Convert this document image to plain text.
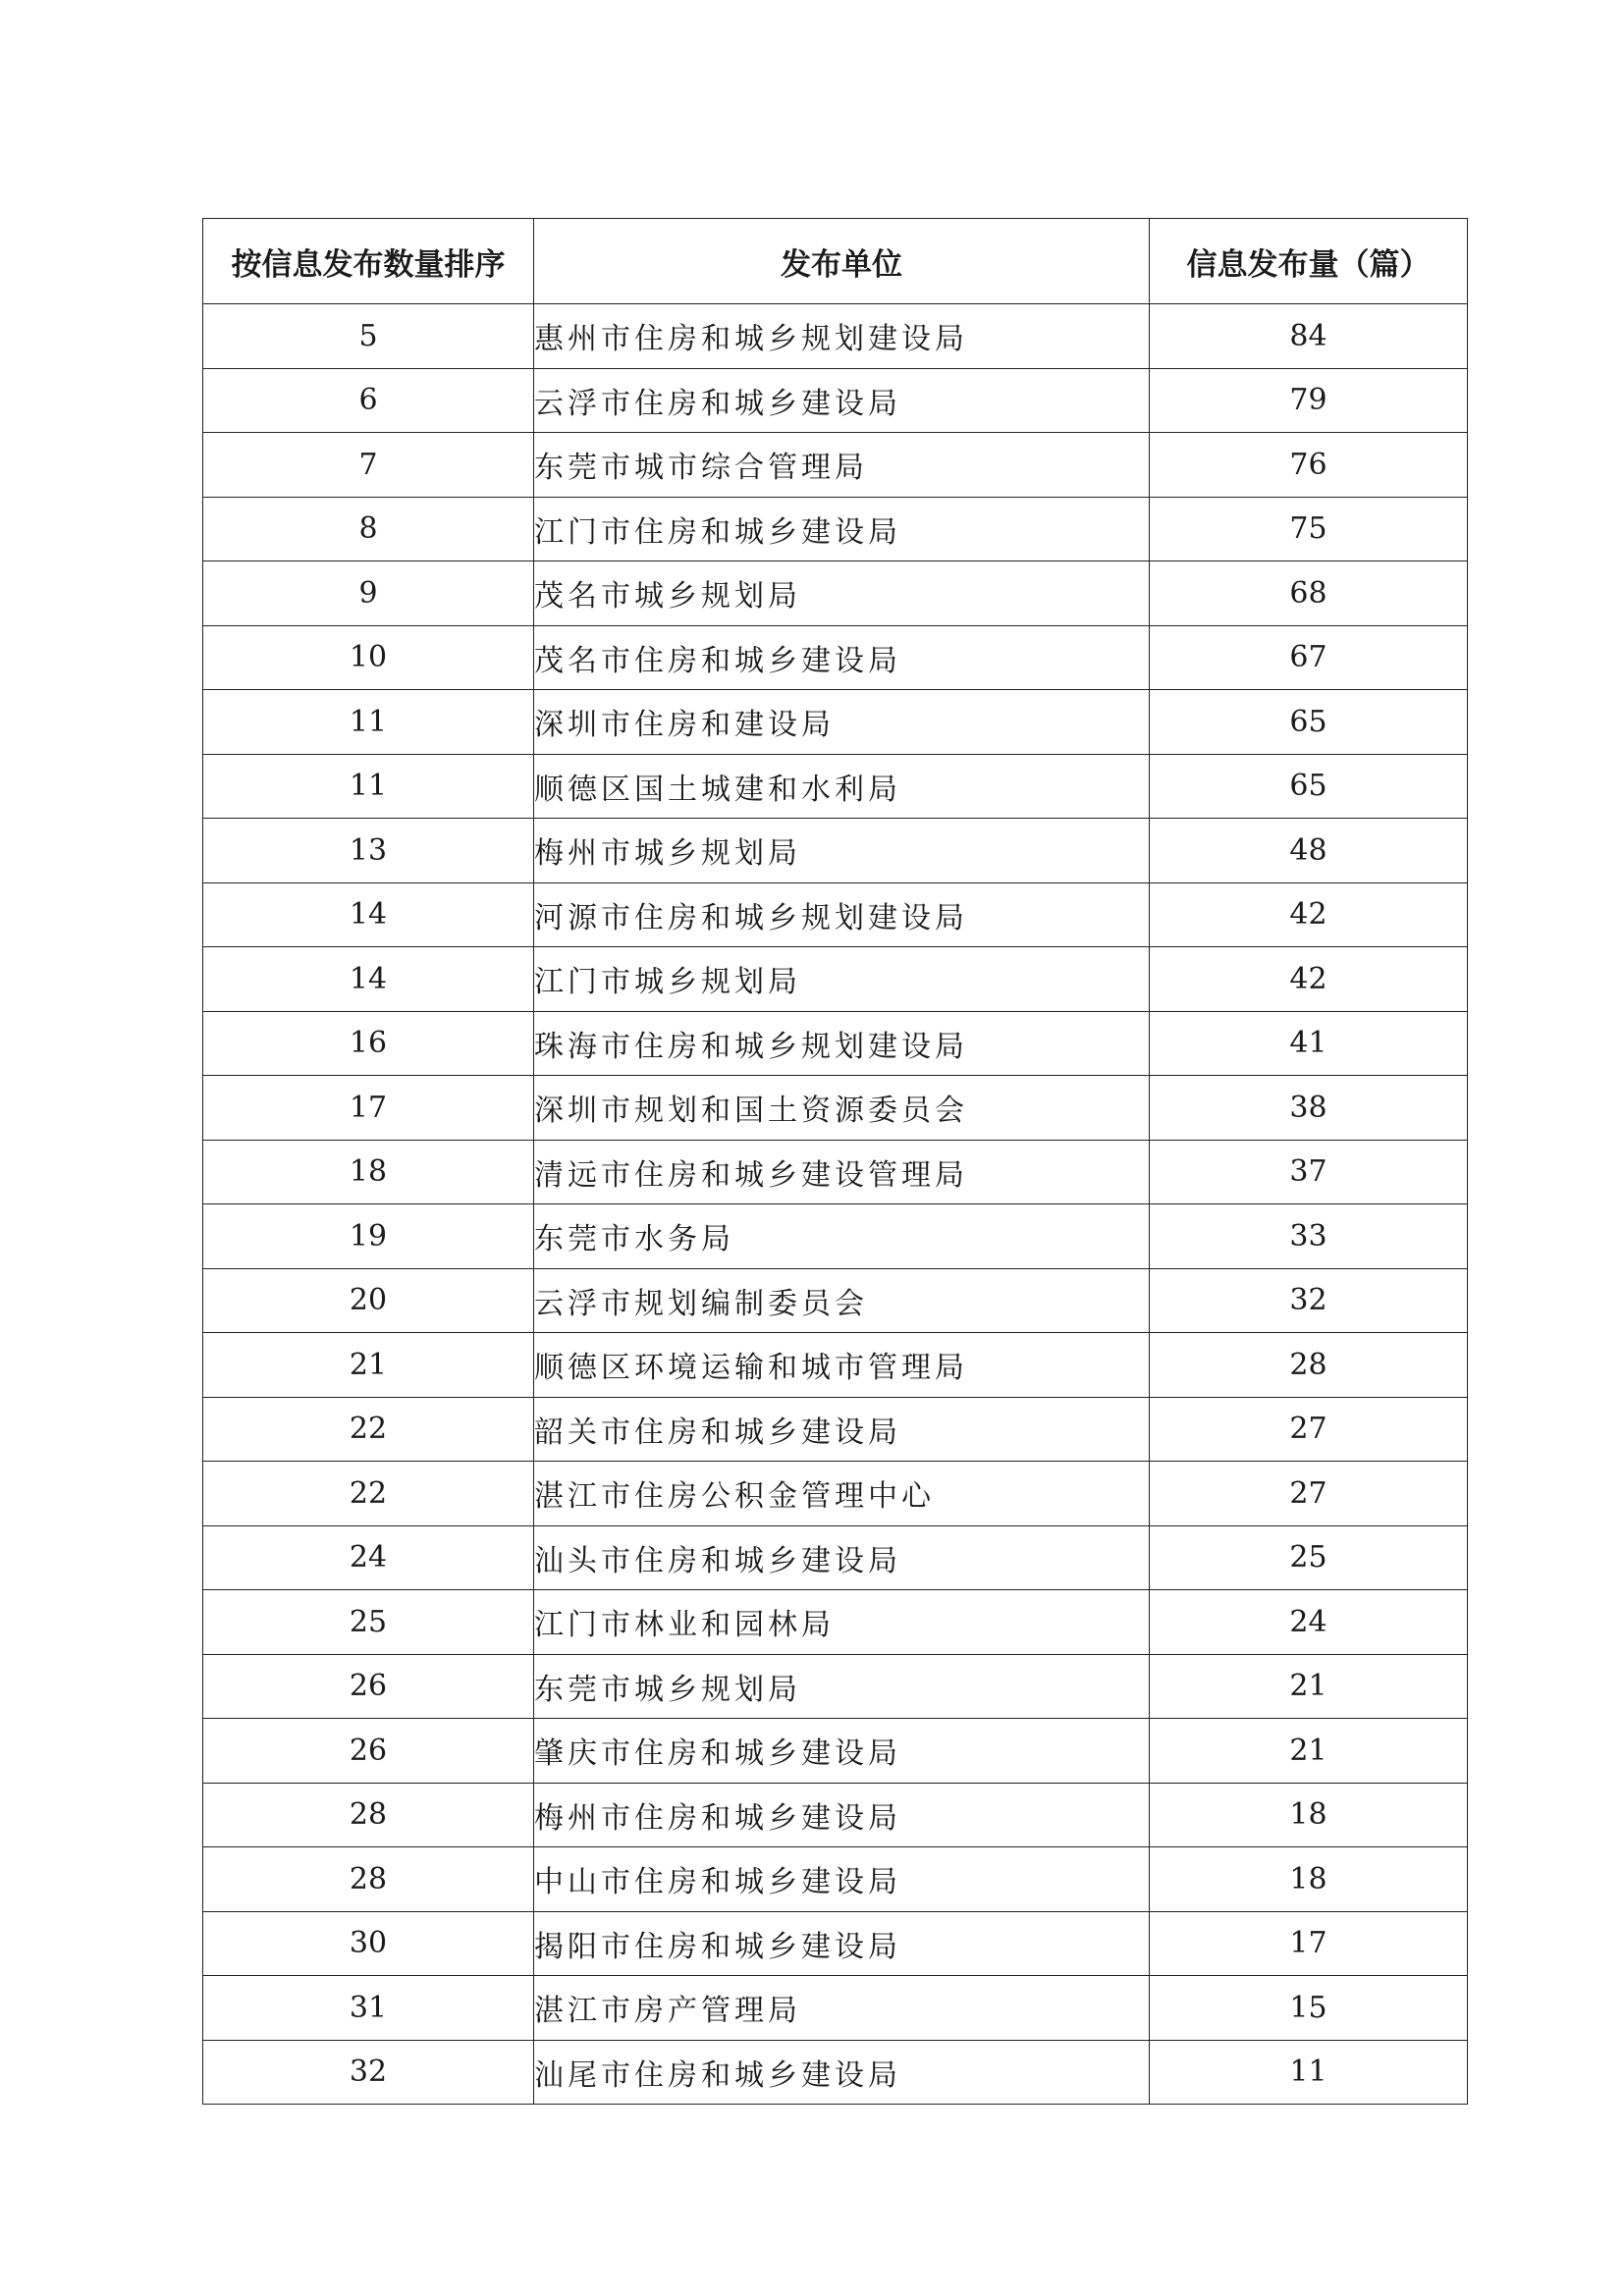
按信息发布数量排序	发布单位	信息发布量（篇）
5	惠州市住房和城乡规划建设局	84
6	云浮市住房和城乡建设局	79
7	东莞市城市综合管理局	76
8	江门市住房和城乡建设局	75
9	茂名市城乡规划局	68
10	茂名市住房和城乡建设局	67
11	深圳市住房和建设局	65
11	顺德区国土城建和水利局	65
13	梅州市城乡规划局	48
14	河源市住房和城乡规划建设局	42
14	江门市城乡规划局	42
16	珠海市住房和城乡规划建设局	41
17	深圳市规划和国土资源委员会	38
18	清远市住房和城乡建设管理局	37
19	东莞市水务局	33
20	云浮市规划编制委员会	32
21	顺德区环境运输和城市管理局	28
22	韶关市住房和城乡建设局	27
22	湛江市住房公积金管理中心	27
24	汕头市住房和城乡建设局	25
25	江门市林业和园林局	24
26	东莞市城乡规划局	21
26	肇庆市住房和城乡建设局	21
28	梅州市住房和城乡建设局	18
28	中山市住房和城乡建设局	18
30	揭阳市住房和城乡建设局	17
31	湛江市房产管理局	15
32	汕尾市住房和城乡建设局	11
